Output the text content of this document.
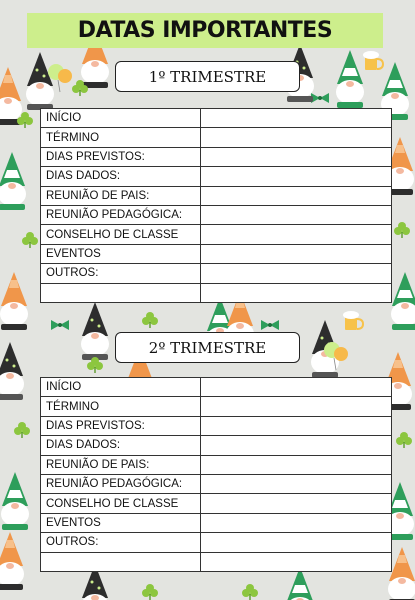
DATAS IMPORTANTES
1º TRIMESTRE
INÍCIO	
TÉRMINO	
DIAS PREVISTOS:	
DIAS DADOS:	
REUNIÃO DE PAIS:	
REUNIÃO PEDAGÓGICA:	
CONSELHO DE CLASSE	
EVENTOS	
OUTROS:	

2º TRIMESTRE
INÍCIO	
TÉRMINO	
DIAS PREVISTOS:	
DIAS DADOS:	
REUNIÃO DE PAIS:	
REUNIÃO PEDAGÓGICA:	
CONSELHO DE CLASSE	
EVENTOS	
OUTROS:	
